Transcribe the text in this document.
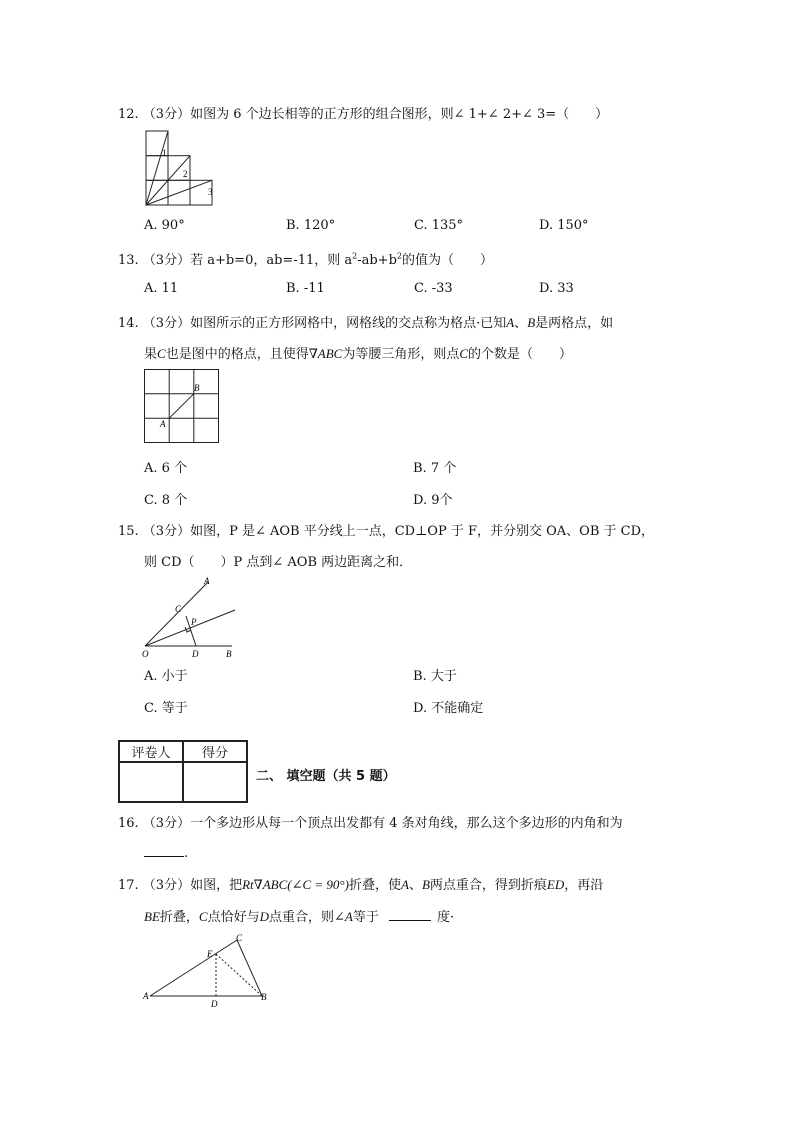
12. （3分）如图为 6 个边长相等的正方形的组合图形，则∠ 1+∠ 2+∠ 3=（　　）
1
2
3
A. 90°	B. 120°	C. 135°	D. 150°
13. （3分）若 a+b=0，ab=-11，则 $a^2-ab+b^2$的值为（　　）
A. 11	B. -11	C. -33	D. 33
14. （3分）如图所示的正方形网格中，网格线的交点称为格点·已知A、B是两格点，如
果C也是图中的格点，且使得∇ABC为等腰三角形，则点C的个数是（　　）
A
B
A. 6 个	B. 7 个
C. 8 个	D. 9个
15. （3分）如图，P 是∠ AOB 平分线上一点，CD⊥OP 于 F，并分别交 OA、OB 于 CD，
则 CD（　　）P 点到∠ AOB 两边距离之和．
A
C
P
O	D	B
A. 小于	B. 大于
C. 等于	D. 不能确定
评卷人	得分

二、 填空题（共 5 题）
16. （3分）一个多边形从每一个顶点出发都有 4 条对角线，那么这个多边形的内角和为
.
17. （3分）如图，把Rt∇ABC(∠C = 90°)折叠，使A、B两点重合，得到折痕ED，再沿
BE折叠，C点恰好与D点重合，则∠A等于	度·
C
E
A
D
B
